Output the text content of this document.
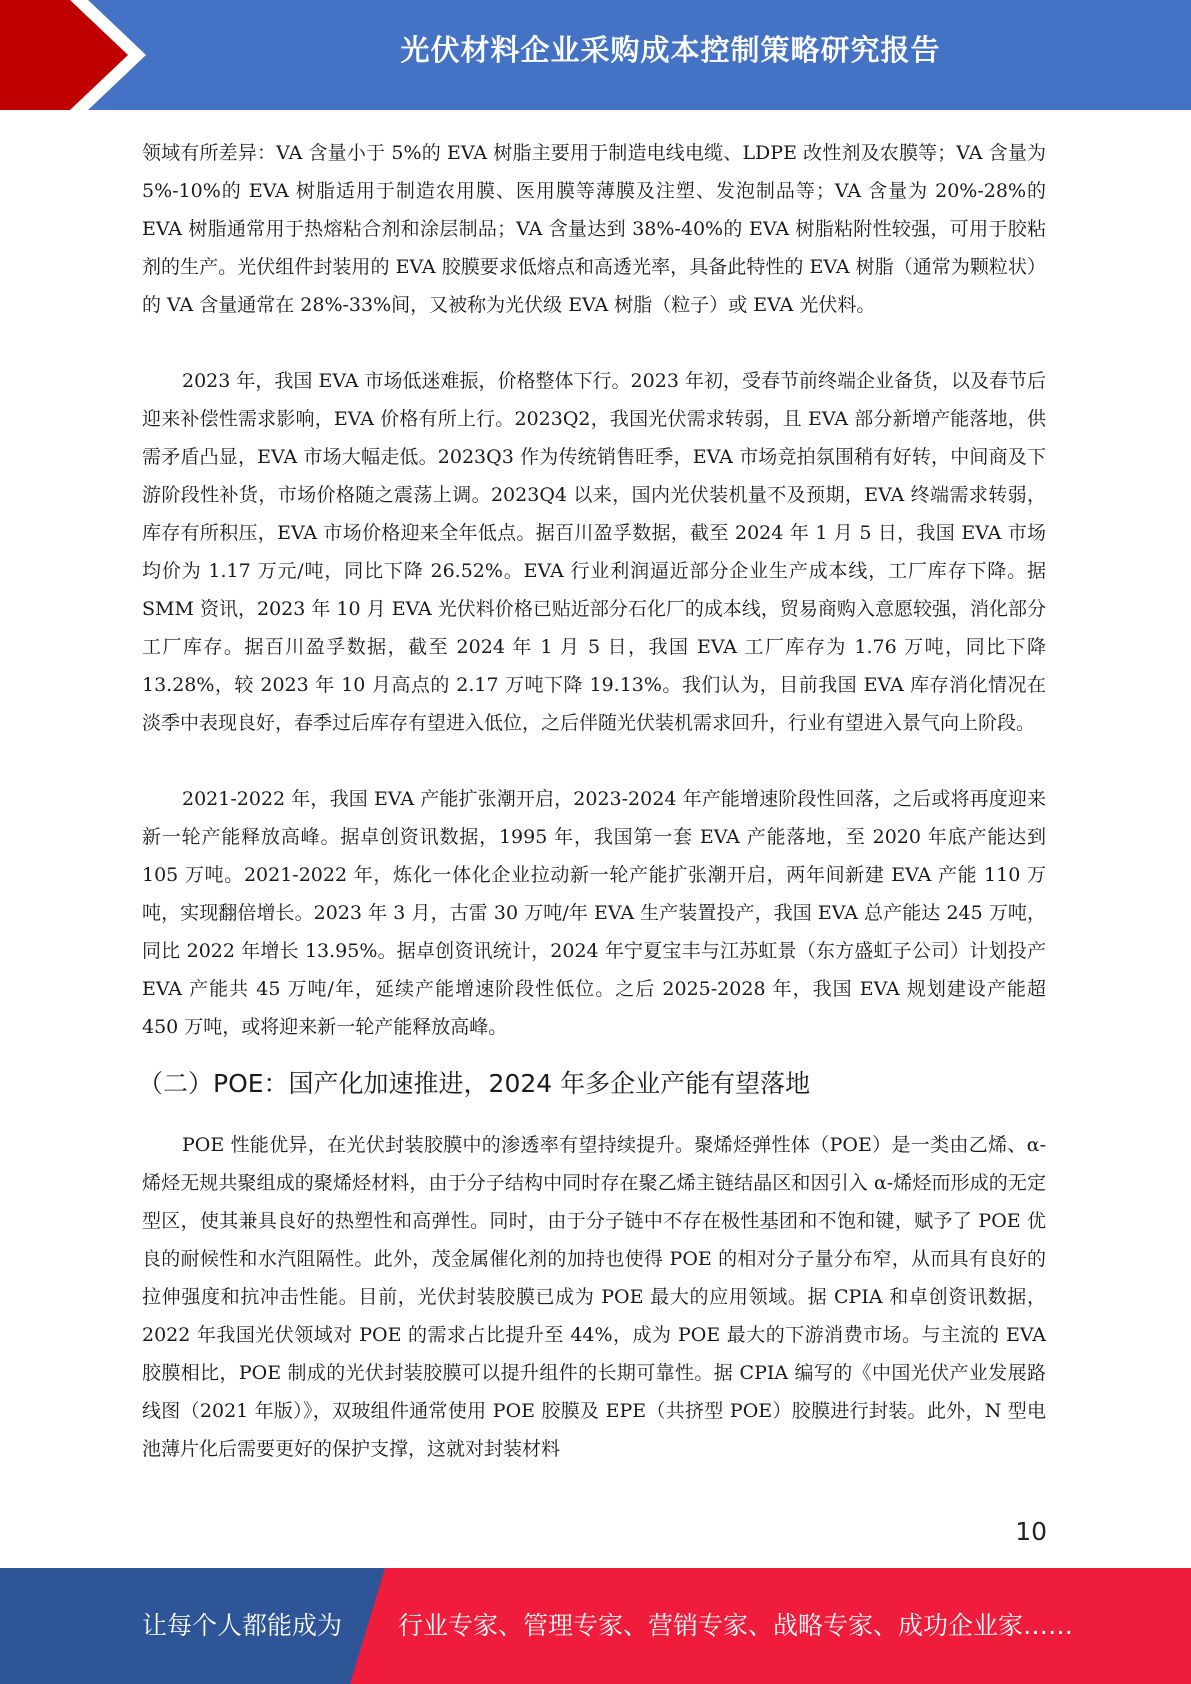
光伏材料企业采购成本控制策略研究报告

领域有所差异：VA 含量小于 5%的 EVA 树脂主要用于制造电线电缆、LDPE 改性剂及农膜等；VA 含量为 5%-10%的 EVA 树脂适用于制造农用膜、医用膜等薄膜及注塑、发泡制品等；VA 含量为 20%-28%的 EVA 树脂通常用于热熔粘合剂和涂层制品；VA 含量达到 38%-40%的 EVA 树脂粘附性较强，可用于胶粘剂的生产。光伏组件封装用的 EVA 胶膜要求低熔点和高透光率，具备此特性的 EVA 树脂（通常为颗粒状）的 VA 含量通常在 28%-33%间，又被称为光伏级 EVA 树脂（粒子）或 EVA 光伏料。

2023 年，我国 EVA 市场低迷难振，价格整体下行。2023 年初，受春节前终端企业备货，以及春节后迎来补偿性需求影响，EVA 价格有所上行。2023Q2，我国光伏需求转弱，且 EVA 部分新增产能落地，供需矛盾凸显，EVA 市场大幅走低。2023Q3 作为传统销售旺季，EVA 市场竞拍氛围稍有好转，中间商及下游阶段性补货，市场价格随之震荡上调。2023Q4 以来，国内光伏装机量不及预期，EVA 终端需求转弱，库存有所积压，EVA 市场价格迎来全年低点。据百川盈孚数据，截至 2024 年 1 月 5 日，我国 EVA 市场均价为 1.17 万元/吨，同比下降 26.52%。EVA 行业利润逼近部分企业生产成本线，工厂库存下降。据 SMM 资讯，2023 年 10 月 EVA 光伏料价格已贴近部分石化厂的成本线，贸易商购入意愿较强，消化部分工厂库存。据百川盈孚数据，截至 2024 年 1 月 5 日，我国 EVA 工厂库存为 1.76 万吨，同比下降 13.28%，较 2023 年 10 月高点的 2.17 万吨下降 19.13%。我们认为，目前我国 EVA 库存消化情况在淡季中表现良好，春季过后库存有望进入低位，之后伴随光伏装机需求回升，行业有望进入景气向上阶段。

2021-2022 年，我国 EVA 产能扩张潮开启，2023-2024 年产能增速阶段性回落，之后或将再度迎来新一轮产能释放高峰。据卓创资讯数据，1995 年，我国第一套 EVA 产能落地，至 2020 年底产能达到 105 万吨。2021-2022 年，炼化一体化企业拉动新一轮产能扩张潮开启，两年间新建 EVA 产能 110 万吨，实现翻倍增长。2023 年 3 月，古雷 30 万吨/年 EVA 生产装置投产，我国 EVA 总产能达 245 万吨，同比 2022 年增长 13.95%。据卓创资讯统计，2024 年宁夏宝丰与江苏虹景（东方盛虹子公司）计划投产 EVA 产能共 45 万吨/年，延续产能增速阶段性低位。之后 2025-2028 年，我国 EVA 规划建设产能超 450 万吨，或将迎来新一轮产能释放高峰。

（二）POE：国产化加速推进，2024 年多企业产能有望落地

POE 性能优异，在光伏封装胶膜中的渗透率有望持续提升。聚烯烃弹性体（POE）是一类由乙烯、α-烯烃无规共聚组成的聚烯烃材料，由于分子结构中同时存在聚乙烯主链结晶区和因引入 α-烯烃而形成的无定型区，使其兼具良好的热塑性和高弹性。同时，由于分子链中不存在极性基团和不饱和键，赋予了 POE 优良的耐候性和水汽阻隔性。此外，茂金属催化剂的加持也使得 POE 的相对分子量分布窄，从而具有良好的拉伸强度和抗冲击性能。目前，光伏封装胶膜已成为 POE 最大的应用领域。据 CPIA 和卓创资讯数据，2022 年我国光伏领域对 POE 的需求占比提升至 44%，成为 POE 最大的下游消费市场。与主流的 EVA 胶膜相比，POE 制成的光伏封装胶膜可以提升组件的长期可靠性。据 CPIA 编写的《中国光伏产业发展路线图（2021 年版）》，双玻组件通常使用 POE 胶膜及 EPE（共挤型 POE）胶膜进行封装。此外，N 型电池薄片化后需要更好的保护支撑，这就对封装材料

10
让每个人都能成为 行业专家、管理专家、营销专家、战略专家、成功企业家……
